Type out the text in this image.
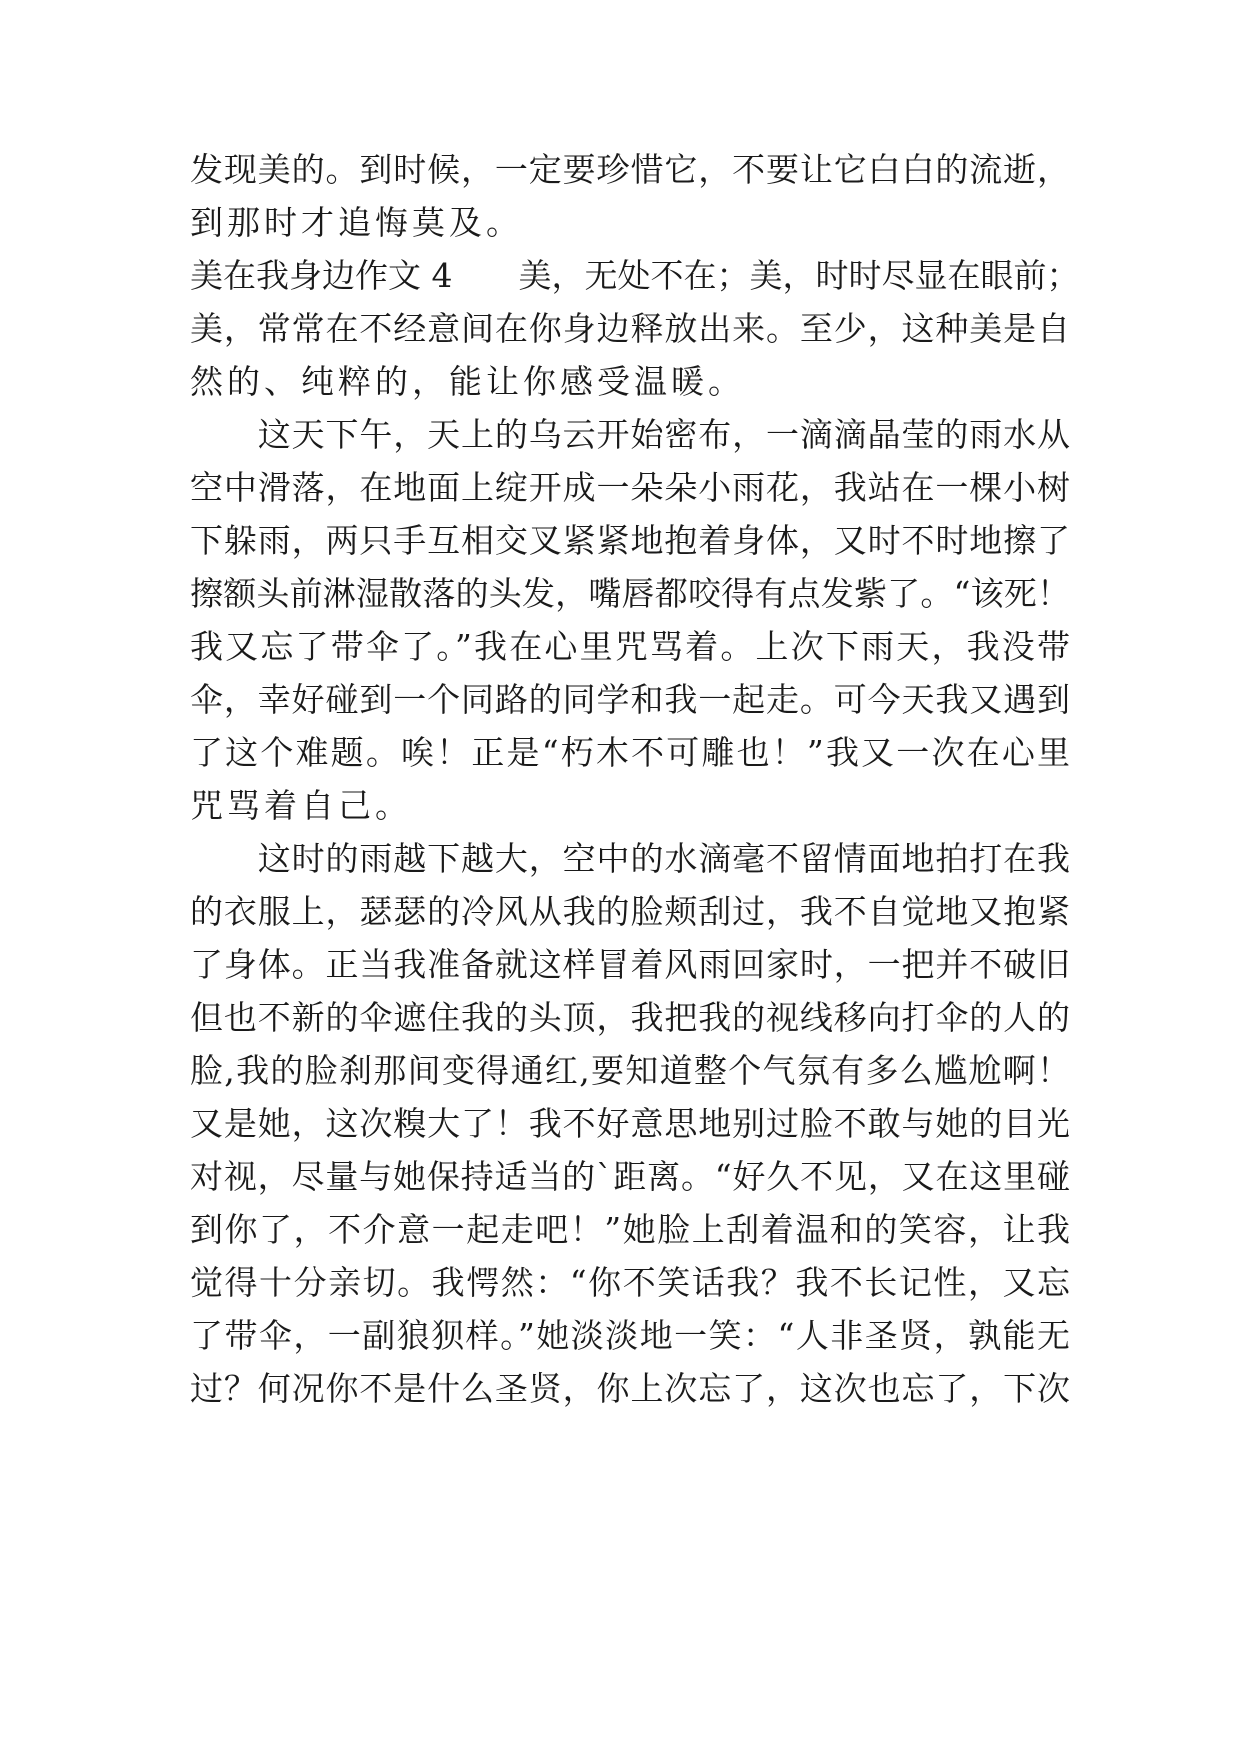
发现美的。到时候，一定要珍惜它，不要让它白白的流逝，
到那时才追悔莫及。
美在我身边作文 4　　美，无处不在；美，时时尽显在眼前；
美，常常在不经意间在你身边释放出来。至少，这种美是自
然的、纯粹的，能让你感受温暖。
　　这天下午，天上的乌云开始密布，一滴滴晶莹的雨水从
空中滑落，在地面上绽开成一朵朵小雨花，我站在一棵小树
下躲雨，两只手互相交叉紧紧地抱着身体，又时不时地擦了
擦额头前淋湿散落的头发，嘴唇都咬得有点发紫了。“该死！
我又忘了带伞了。”我在心里咒骂着。上次下雨天，我没带
伞，幸好碰到一个同路的同学和我一起走。可今天我又遇到
了这个难题。唉！正是“朽木不可雕也！”我又一次在心里
咒骂着自己。
　　这时的雨越下越大，空中的水滴毫不留情面地拍打在我
的衣服上，瑟瑟的冷风从我的脸颊刮过，我不自觉地又抱紧
了身体。正当我准备就这样冒着风雨回家时，一把并不破旧
但也不新的伞遮住我的头顶，我把我的视线移向打伞的人的
脸,我的脸刹那间变得通红,要知道整个气氛有多么尴尬啊！
又是她，这次糗大了！我不好意思地别过脸不敢与她的目光
对视，尽量与她保持适当的`距离。“好久不见，又在这里碰
到你了，不介意一起走吧！”她脸上刮着温和的笑容，让我
觉得十分亲切。我愕然：“你不笑话我？我不长记性，又忘
了带伞，一副狼狈样。”她淡淡地一笑：“人非圣贤，孰能无
过？何况你不是什么圣贤，你上次忘了，这次也忘了，下次
